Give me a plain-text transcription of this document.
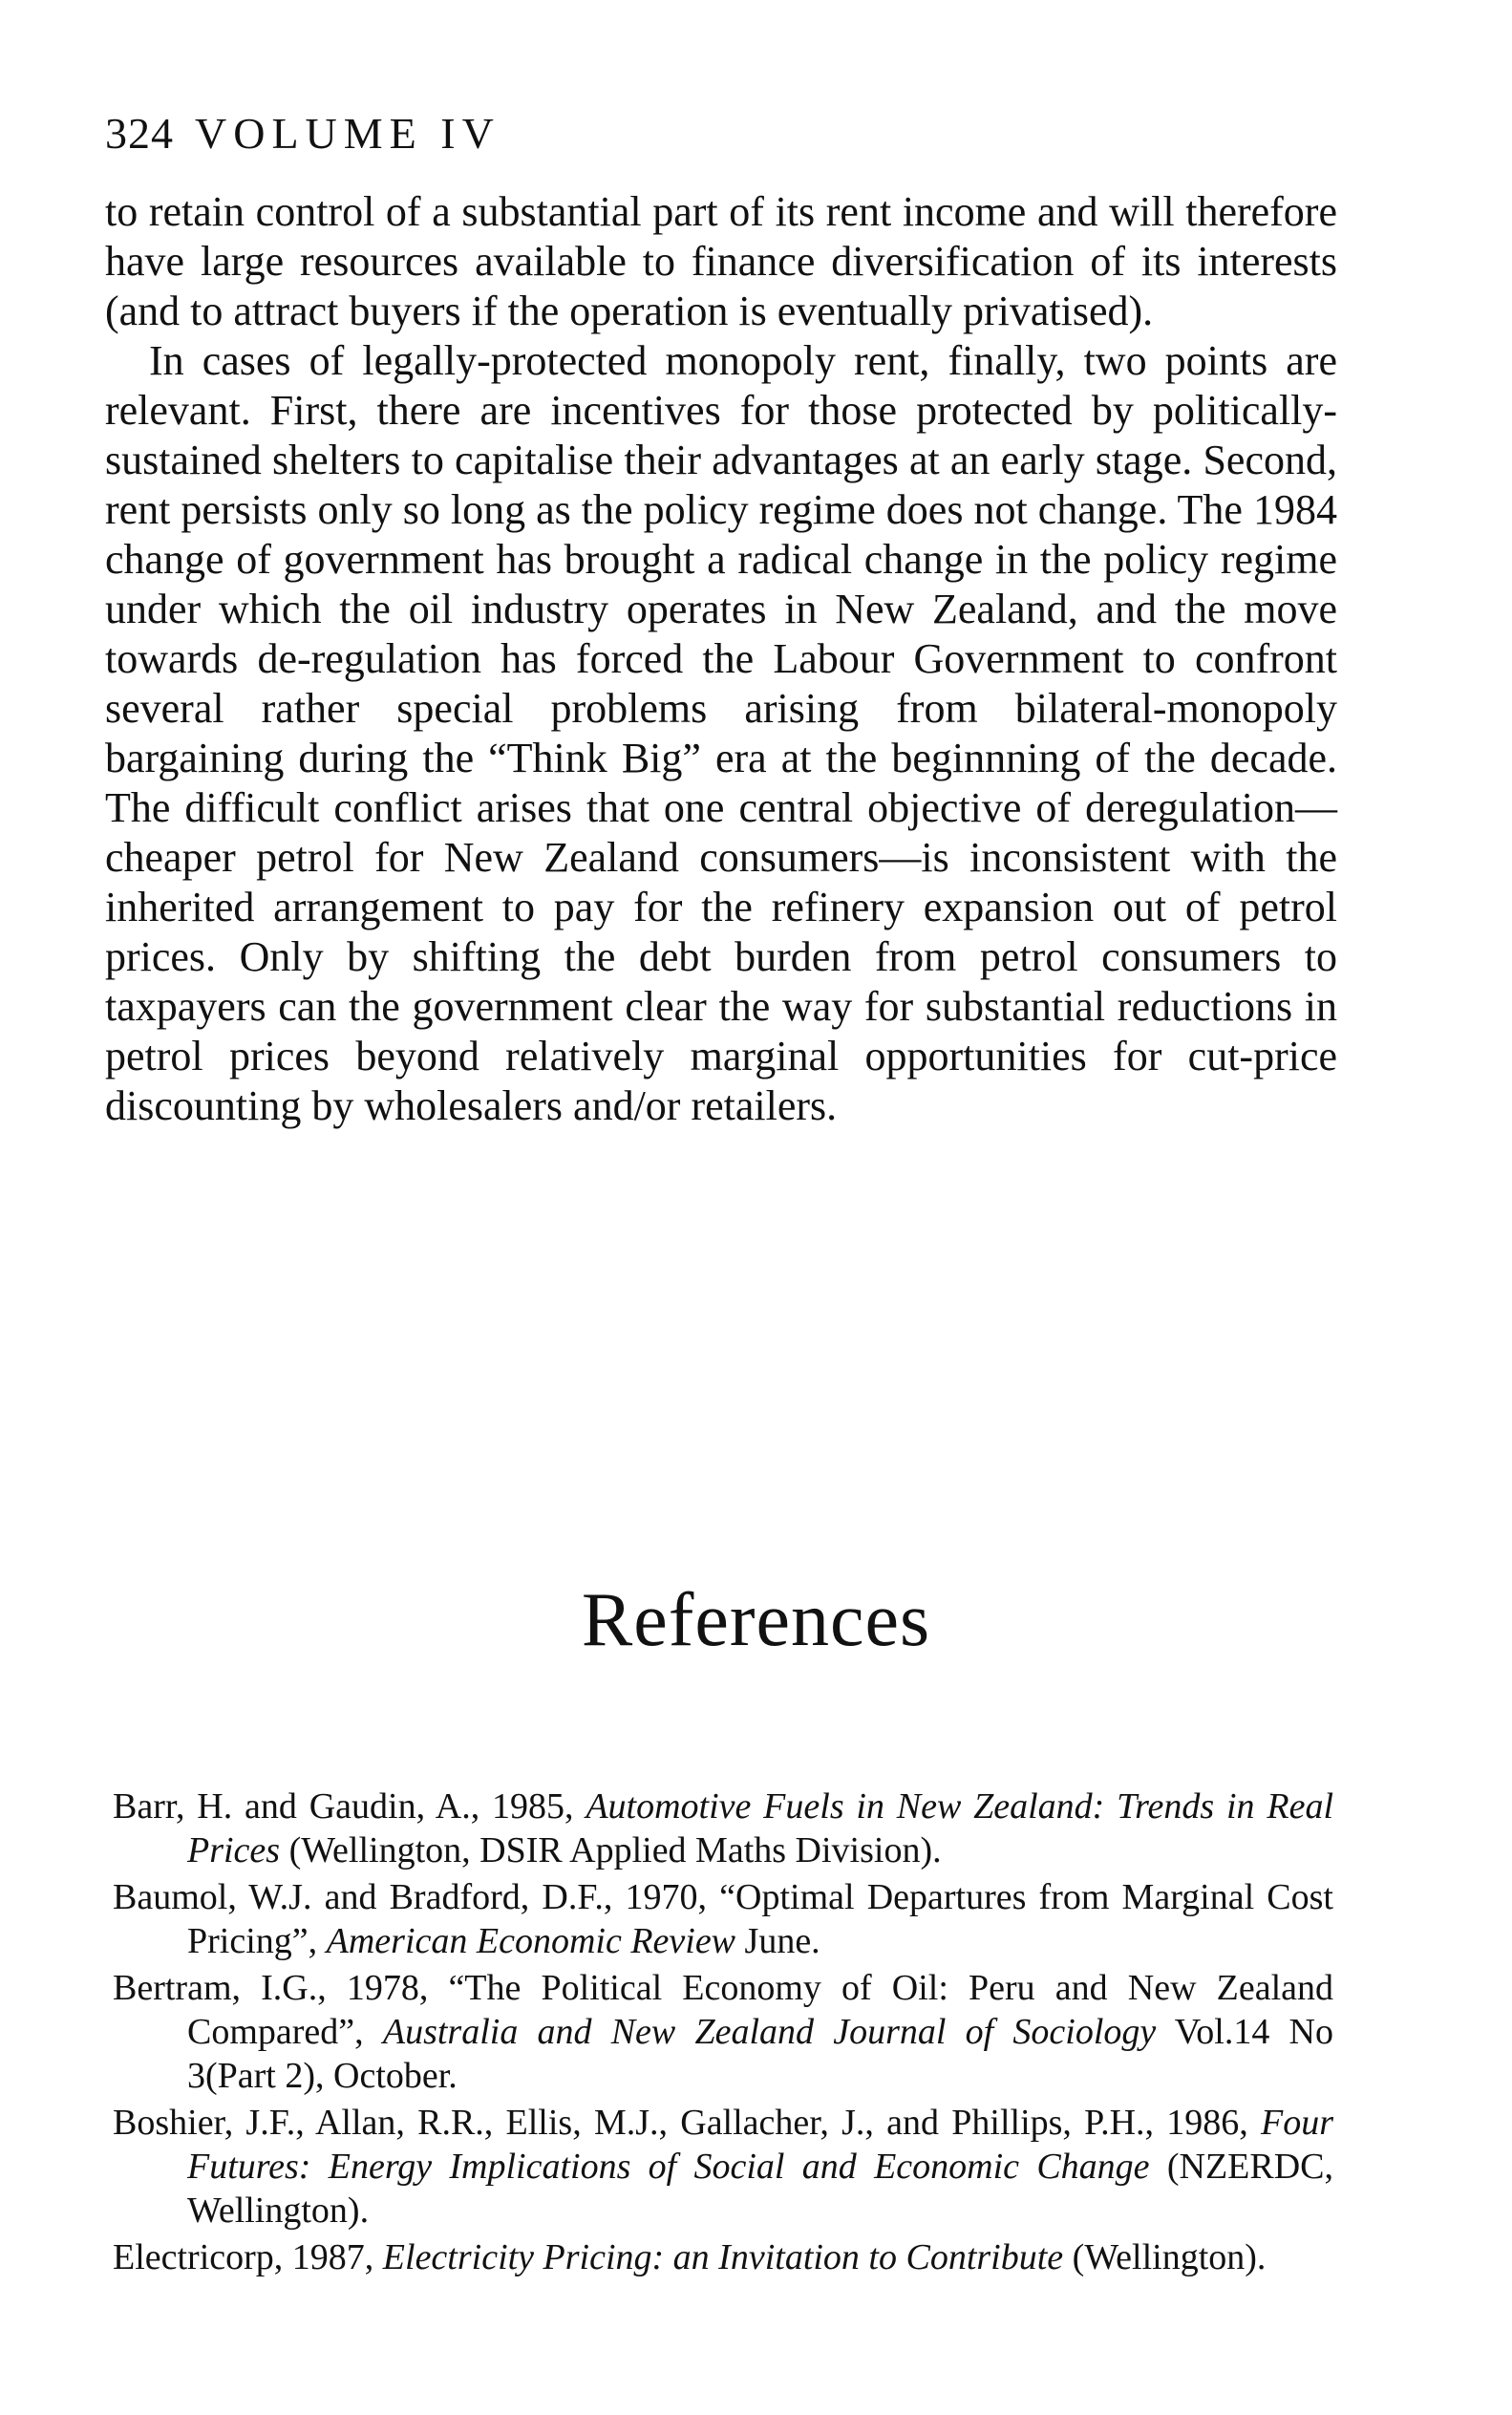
324 VOLUME IV

to retain control of a substantial part of its rent income and will therefore have large resources available to finance diversification of its interests (and to attract buyers if the operation is eventually privatised).

In cases of legally-protected monopoly rent, finally, two points are relevant. First, there are incentives for those protected by politically-sustained shelters to capitalise their advantages at an early stage. Second, rent persists only so long as the policy regime does not change. The 1984 change of government has brought a radical change in the policy regime under which the oil industry operates in New Zealand, and the move towards de-regulation has forced the Labour Government to confront several rather special problems arising from bilateral-monopoly bargaining during the “Think Big” era at the beginnning of the decade. The difficult conflict arises that one central objective of deregulation—cheaper petrol for New Zealand consumers—is inconsistent with the inherited arrangement to pay for the refinery expansion out of petrol prices. Only by shifting the debt burden from petrol consumers to taxpayers can the government clear the way for substantial reductions in petrol prices beyond relatively marginal opportunities for cut-price discounting by wholesalers and/or retailers.

References

Barr, H. and Gaudin, A., 1985, Automotive Fuels in New Zealand: Trends in Real Prices (Wellington, DSIR Applied Maths Division).

Baumol, W.J. and Bradford, D.F., 1970, “Optimal Departures from Marginal Cost Pricing”, American Economic Review June.

Bertram, I.G., 1978, “The Political Economy of Oil: Peru and New Zealand Compared”, Australia and New Zealand Journal of Sociology Vol.14 No 3(Part 2), October.

Boshier, J.F., Allan, R.R., Ellis, M.J., Gallacher, J., and Phillips, P.H., 1986, Four Futures: Energy Implications of Social and Economic Change (NZERDC, Wellington).

Electricorp, 1987, Electricity Pricing: an Invitation to Contribute (Wellington).
